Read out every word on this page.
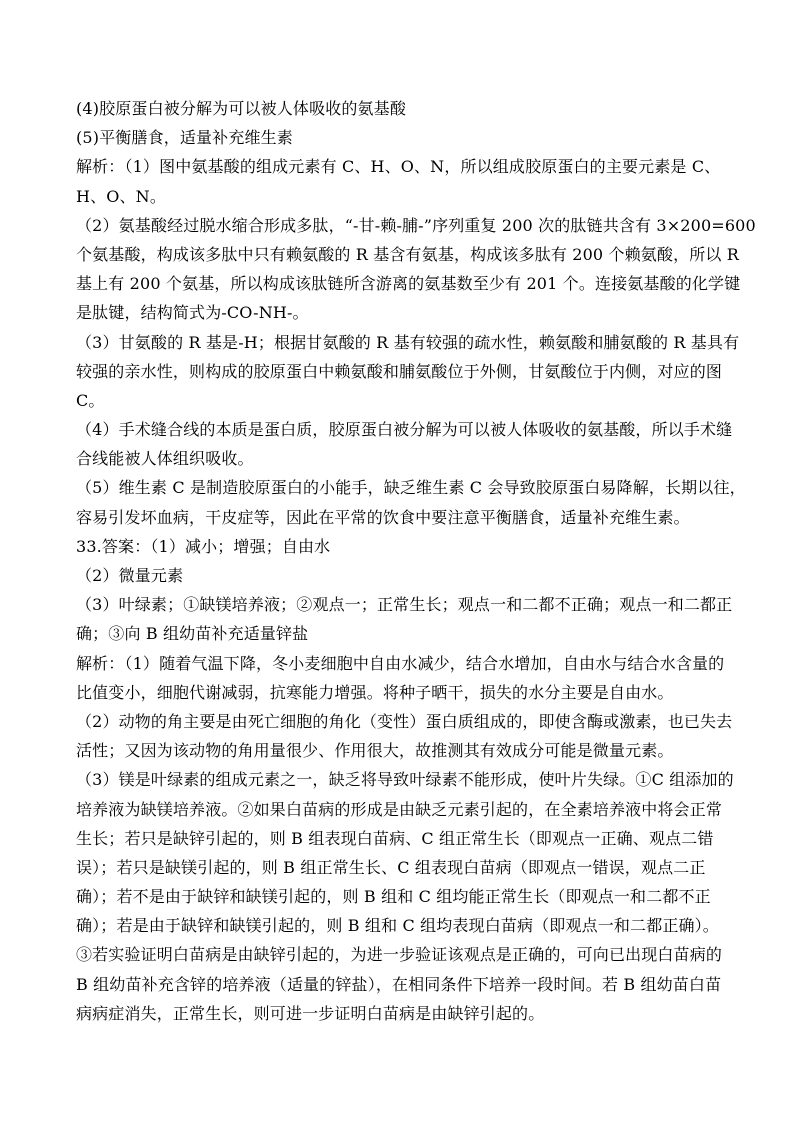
(4)胶原蛋白被分解为可以被人体吸收的氨基酸
(5)平衡膳食，适量补充维生素
解析：（1）图中氨基酸的组成元素有 C、H、O、N，所以组成胶原蛋白的主要元素是 C、
H、O、N。
（2）氨基酸经过脱水缩合形成多肽，“-甘-赖-脯-”序列重复 200 次的肽链共含有 3×200=600
个氨基酸，构成该多肽中只有赖氨酸的 R 基含有氨基，构成该多肽有 200 个赖氨酸，所以 R
基上有 200 个氨基，所以构成该肽链所含游离的氨基数至少有 201 个。连接氨基酸的化学键
是肽键，结构简式为-CO-NH-。
（3）甘氨酸的 R 基是-H；根据甘氨酸的 R 基有较强的疏水性，赖氨酸和脯氨酸的 R 基具有
较强的亲水性，则构成的胶原蛋白中赖氨酸和脯氨酸位于外侧，甘氨酸位于内侧，对应的图
C。
（4）手术缝合线的本质是蛋白质，胶原蛋白被分解为可以被人体吸收的氨基酸，所以手术缝
合线能被人体组织吸收。
（5）维生素 C 是制造胶原蛋白的小能手，缺乏维生素 C 会导致胶原蛋白易降解，长期以往，
容易引发坏血病，干皮症等，因此在平常的饮食中要注意平衡膳食，适量补充维生素。
33.答案：（1）减小；增强；自由水
（2）微量元素
（3）叶绿素；①缺镁培养液；②观点一；正常生长；观点一和二都不正确；观点一和二都正
确；③向 B 组幼苗补充适量锌盐
解析：（1）随着气温下降，冬小麦细胞中自由水减少，结合水增加，自由水与结合水含量的
比值变小，细胞代谢减弱，抗寒能力增强。将种子晒干，损失的水分主要是自由水。
（2）动物的角主要是由死亡细胞的角化（变性）蛋白质组成的，即使含酶或激素，也已失去
活性；又因为该动物的角用量很少、作用很大，故推测其有效成分可能是微量元素。
（3）镁是叶绿素的组成元素之一，缺乏将导致叶绿素不能形成，使叶片失绿。①C 组添加的
培养液为缺镁培养液。②如果白苗病的形成是由缺乏元素引起的，在全素培养液中将会正常
生长；若只是缺锌引起的，则 B 组表现白苗病、C 组正常生长（即观点一正确、观点二错
误）；若只是缺镁引起的，则 B 组正常生长、C 组表现白苗病（即观点一错误，观点二正
确）；若不是由于缺锌和缺镁引起的，则 B 组和 C 组均能正常生长（即观点一和二都不正
确）；若是由于缺锌和缺镁引起的，则 B 组和 C 组均表现白苗病（即观点一和二都正确）。
③若实验证明白苗病是由缺锌引起的，为进一步验证该观点是正确的，可向已出现白苗病的
B 组幼苗补充含锌的培养液（适量的锌盐），在相同条件下培养一段时间。若 B 组幼苗白苗
病病症消失，正常生长，则可进一步证明白苗病是由缺锌引起的。
